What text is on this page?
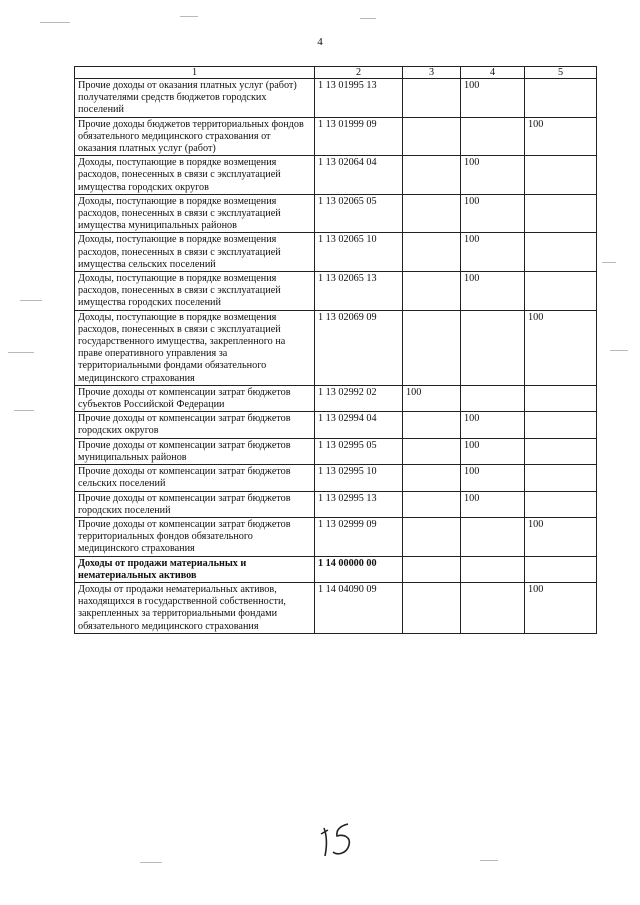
4
1	2	3	4	5
Прочие доходы от оказания платных услуг (работ) получателями средств бюджетов городских поселений	1 13 01995 13		100	
Прочие доходы бюджетов территориальных фондов обязательного медицинского страхования от оказания платных услуг (работ)	1 13 01999 09			100
Доходы, поступающие в порядке возмещения расходов, понесенных в связи с эксплуатацией имущества городских округов	1 13 02064 04		100	
Доходы, поступающие в порядке возмещения расходов, понесенных в связи с эксплуатацией имущества муниципальных районов	1 13 02065 05		100	
Доходы, поступающие в порядке возмещения расходов, понесенных в связи с эксплуатацией имущества сельских поселений	1 13 02065 10		100	
Доходы, поступающие в порядке возмещения расходов, понесенных в связи с эксплуатацией имущества городских поселений	1 13 02065 13		100	
Доходы, поступающие в порядке возмещения расходов, понесенных в связи с эксплуатацией государственного имущества, закрепленного на праве оперативного управления за территориальными фондами обязательного медицинского страхования	1 13 02069 09			100
Прочие доходы от компенсации затрат бюджетов субъектов Российской Федерации	1 13 02992 02	100		
Прочие доходы от компенсации затрат бюджетов городских округов	1 13 02994 04		100	
Прочие доходы от компенсации затрат бюджетов муниципальных районов	1 13 02995 05		100	
Прочие доходы от компенсации затрат бюджетов сельских поселений	1 13 02995 10		100	
Прочие доходы от компенсации затрат бюджетов городских поселений	1 13 02995 13		100	
Прочие доходы от компенсации затрат бюджетов территориальных фондов обязательного медицинского страхования	1 13 02999 09			100
Доходы от продажи материальных и нематериальных активов	1 14 00000 00			
Доходы от продажи нематериальных активов, находящихся в государственной собственности, закрепленных за территориальными фондами обязательного медицинского страхования	1 14 04090 09			100
